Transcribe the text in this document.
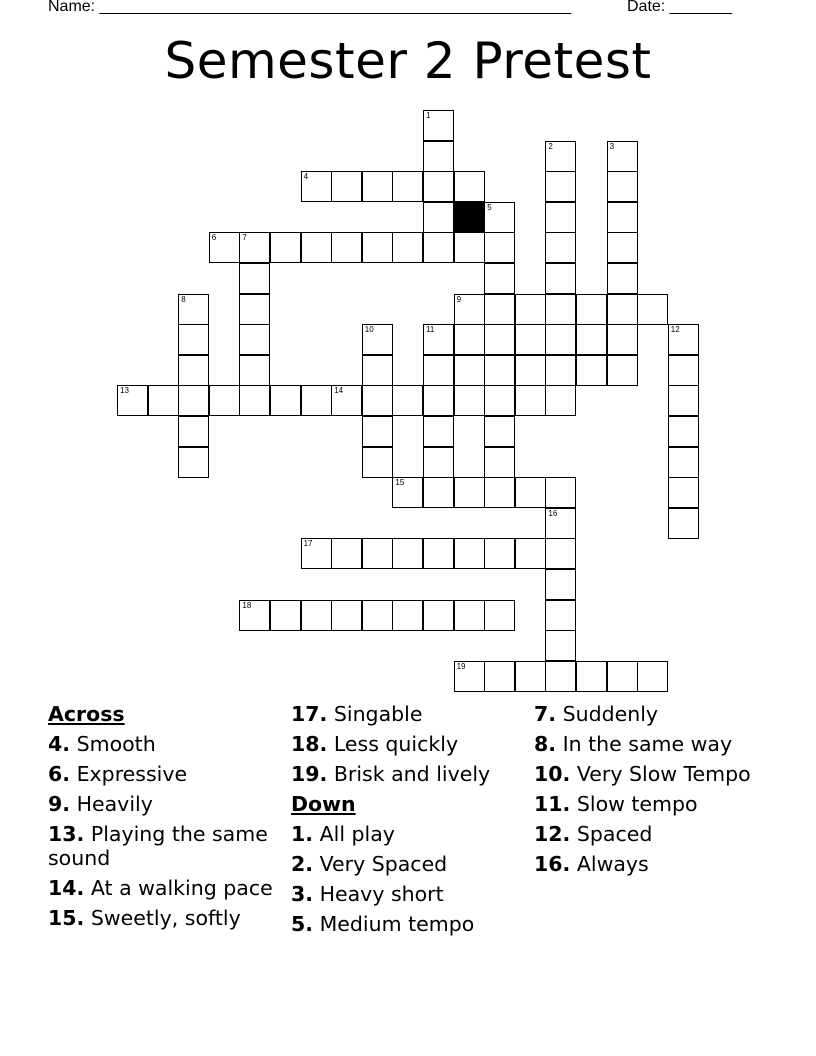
Name: _____________________________________________________	Date: _______
Semester 2 Pretest
1
2	3
4
5
6	7
8	9
10	11	12
13	14
15
16
17
18
19
Across
4. Smooth
6. Expressive
9. Heavily
13. Playing the same sound
14. At a walking pace
15. Sweetly, softly
17. Singable
18. Less quickly
19. Brisk and lively
Down
1. All play
2. Very Spaced
3. Heavy short
5. Medium tempo
7. Suddenly
8. In the same way
10. Very Slow Tempo
11. Slow tempo
12. Spaced
16. Always
